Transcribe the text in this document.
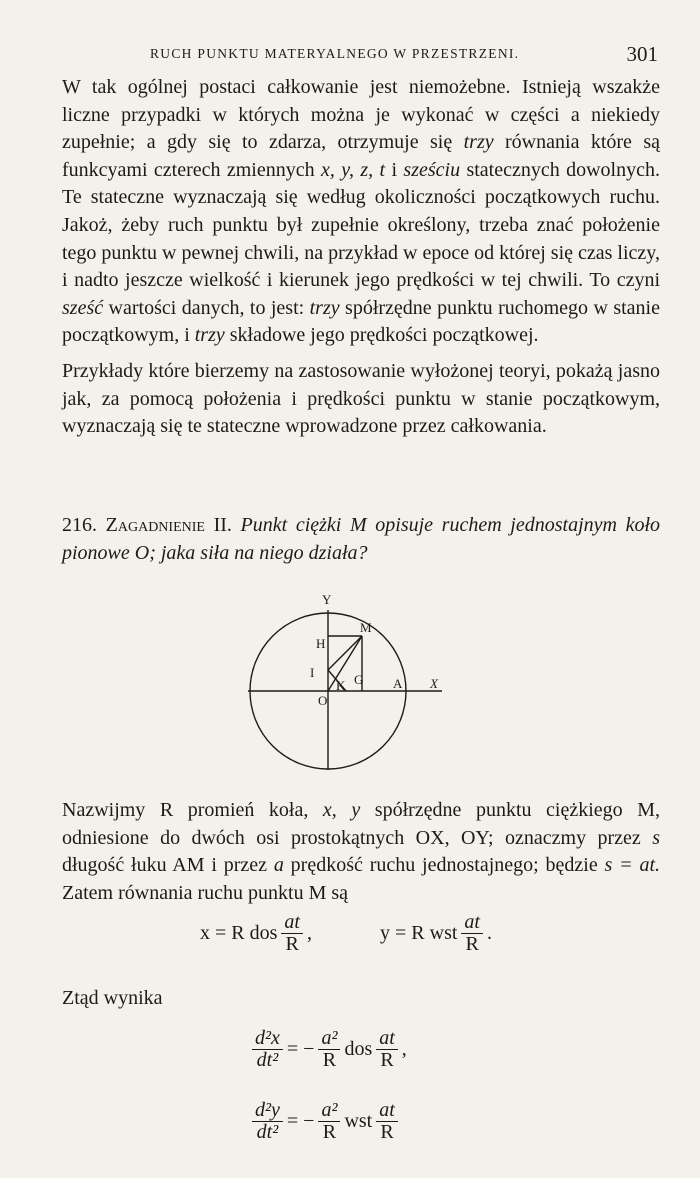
RUCH PUNKTU MATERYALNEGO W PRZESTRZENI.	301

W tak ogólnej postaci całkowanie jest niemożebne. Istnieją wszakże liczne przypadki w których można je wykonać w części a niekiedy zupełnie; a gdy się to zdarza, otrzymuje się trzy równania które są funkcyami czterech zmiennych x, y, z, t i sześciu statecznych dowolnych. Te stateczne wyznaczają się według okoliczności początkowych ruchu. Jakoż, żeby ruch punktu był zupełnie określony, trzeba znać położenie tego punktu w pewnej chwili, na przykład w epoce od której się czas liczy, i nadto jeszcze wielkość i kierunek jego prędkości w tej chwili. To czyni sześć wartości danych, to jest: trzy spółrzędne punktu ruchomego w stanie początkowym, i trzy składowe jego prędkości początkowej.

Przykłady które bierzemy na zastosowanie wyłożonej teoryi, pokażą jasno jak, za pomocą położenia i prędkości punktu w stanie początkowym, wyznaczają się te stateczne wprowadzone przez całkowania.

216. Zagadnienie II. Punkt ciężki M opisuje ruchem jednostajnym koło pionowe O; jaka siła na niego działa?

Y
H
M
I	G
K	A X
O

Nazwijmy R promień koła, x, y spółrzędne punktu ciężkiego M, odniesione do dwóch osi prostokątnych OX, OY; oznaczmy przez s długość łuku AM i przez a prędkość ruchu jednostajnego; będzie s = at. Zatem równania ruchu punktu M są

x = R dos $\frac{at}{R}$ ,	y = R wst $\frac{at}{R}$ .

Ztąd wynika

$\frac{\text{d²x}}{\text{dt²}}$ = − $\frac{\text{a²}}{R}$ dos $\frac{at}{R}$ ,
$\frac{\text{d²y}}{\text{dt²}}$ = − $\frac{\text{a²}}{R}$ wst $\frac{at}{R}$
